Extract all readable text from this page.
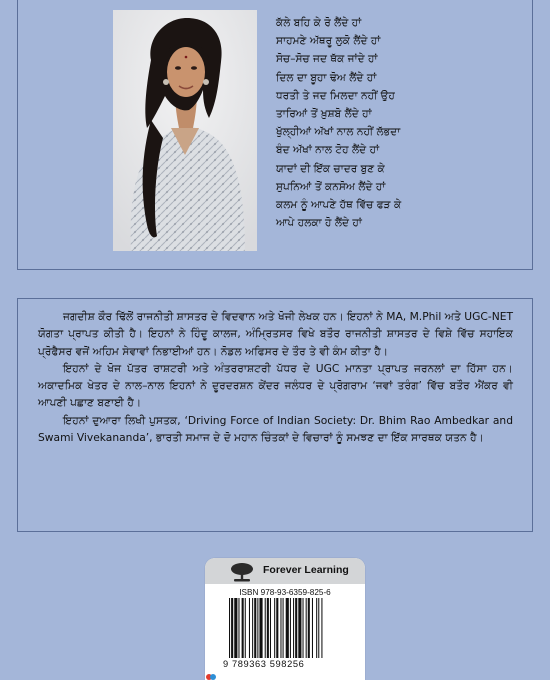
ਕੱਲੇ ਬਹਿ ਕੇ ਰੋ ਲੈਂਦੇ ਹਾਂ
ਸਾਹਮਣੇ ਅੱਥਰੂ ਲੁਕੋ ਲੈਂਦੇ ਹਾਂ
ਸੋਚ–ਸੋਚ ਜਦ ਥੱਕ ਜਾਂਦੇ ਹਾਂ
ਦਿਲ ਦਾ ਬੂਹਾ ਢੋਅ ਲੈਂਦੇ ਹਾਂ
ਧਰਤੀ ਤੇ ਜਦ ਮਿਲਦਾ ਨਹੀਂ ਉਹ
ਤਾਰਿਆਂ ਤੋਂ ਖ਼ੁਸ਼ਬੋ ਲੈਂਦੇ ਹਾਂ
ਖੁੱਲ੍ਹੀਆਂ ਅੱਖਾਂ ਨਾਲ ਨਹੀਂ ਲੱਭਦਾ
ਬੰਦ ਅੱਖਾਂ ਨਾਲ ਟੋਹ ਲੈਂਦੇ ਹਾਂ
ਯਾਦਾਂ ਦੀ ਇੱਕ ਚਾਦਰ ਬੁਣ ਕੇ
ਸੁਪਨਿਆਂ ਤੋਂ ਕਨਸੋਅ ਲੈਂਦੇ ਹਾਂ
ਕਲਮ ਨੂੰ ਆਪਣੇ ਹੱਥ ਵਿੱਚ ਫੜ ਕੇ
ਆਪੇ ਹਲਕਾ ਹੋ ਲੈਂਦੇ ਹਾਂ

ਜਗਦੀਸ਼ ਕੌਰ ਢਿੱਲੋਂ ਰਾਜਨੀਤੀ ਸ਼ਾਸਤਰ ਦੇ ਵਿਦਵਾਨ ਅਤੇ ਖੋਜੀ ਲੇਖਕ ਹਨ। ਇਹਨਾਂ ਨੇ MA, M.Phil ਅਤੇ UGC-NET ਯੋਗਤਾ ਪ੍ਰਾਪਤ ਕੀਤੀ ਹੈ। ਇਹਨਾਂ ਨੇ ਹਿੰਦੂ ਕਾਲਜ, ਅੰਮ੍ਰਿਤਸਰ ਵਿਖੇ ਬਤੌਰ ਰਾਜਨੀਤੀ ਸ਼ਾਸਤਰ ਦੇ ਵਿਸ਼ੇ ਵਿੱਚ ਸਹਾਇਕ ਪ੍ਰੋਫੈਸਰ ਵਜੋਂ ਅਹਿਮ ਸੇਵਾਵਾਂ ਨਿਭਾਈਆਂ ਹਨ। ਨੋਡਲ ਅਫਿਸਰ ਦੇ ਤੌਰ ਤੇ ਵੀ ਕੰਮ ਕੀਤਾ ਹੈ।

ਇਹਨਾਂ ਦੇ ਖੋਜ ਪੱਤਰ ਰਾਸ਼ਟਰੀ ਅਤੇ ਅੰਤਰਰਾਸ਼ਟਰੀ ਪੱਧਰ ਦੇ UGC ਮਾਨਤਾ ਪ੍ਰਾਪਤ ਜਰਨਲਾਂ ਦਾ ਹਿੱਸਾ ਹਨ। ਅਕਾਦਮਿਕ ਖੇਤਰ ਦੇ ਨਾਲ–ਨਾਲ ਇਹਨਾਂ ਨੇ ਦੂਰਦਰਸ਼ਨ ਕੇਂਦਰ ਜਲੰਧਰ ਦੇ ਪ੍ਰੋਗਰਾਮ ‘ਜਵਾਂ ਤਰੰਗ’ ਵਿੱਚ ਬਤੌਰ ਐਂਕਰ ਵੀ ਆਪਣੀ ਪਛਾਣ ਬਣਾਈ ਹੈ।

ਇਹਨਾਂ ਦੁਆਰਾ ਲਿਖੀ ਪੁਸਤਕ, ‘Driving Force of Indian Society: Dr. Bhim Rao Ambedkar and Swami Vivekananda’, ਭਾਰਤੀ ਸਮਾਜ ਦੇ ਦੋ ਮਹਾਨ ਚਿੰਤਕਾਂ ਦੇ ਵਿਚਾਰਾਂ ਨੂੰ ਸਮਝਣ ਦਾ ਇੱਕ ਸਾਰਥਕ ਯਤਨ ਹੈ।

Forever Learning
ISBN 978-93-6359-825-6
9 789363 598256
